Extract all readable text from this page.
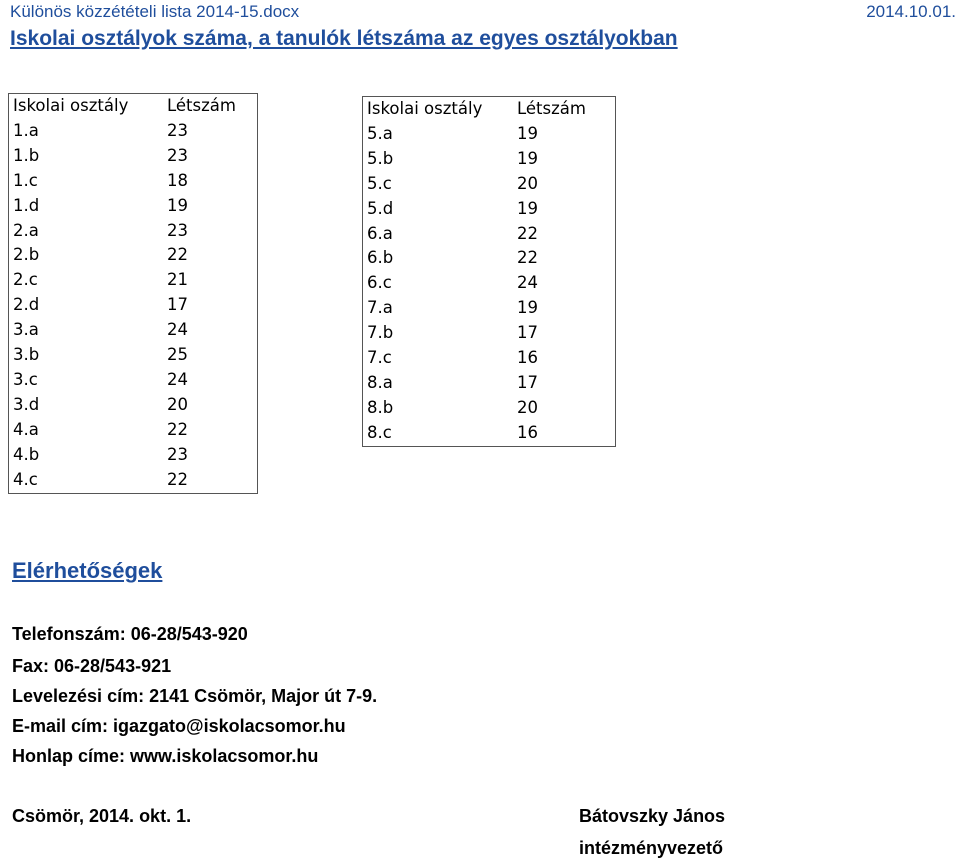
Különös közzétételi lista 2014-15.docx	2014.10.01.
Iskolai osztályok száma, a tanulók létszáma az egyes osztályokban
Iskolai osztály	Létszám
1.a	23
1.b	23
1.c	18
1.d	19
2.a	23
2.b	22
2.c	21
2.d	17
3.a	24
3.b	25
3.c	24
3.d	20
4.a	22
4.b	23
4.c	22
Iskolai osztály	Létszám
5.a	19
5.b	19
5.c	20
5.d	19
6.a	22
6.b	22
6.c	24
7.a	19
7.b	17
7.c	16
8.a	17
8.b	20
8.c	16
Elérhetőségek
Telefonszám: 06-28/543-920
Fax: 06-28/543-921
Levelezési cím: 2141 Csömör, Major út 7-9.
E-mail cím: igazgato@iskolacsomor.hu
Honlap címe: www.iskolacsomor.hu
Csömör, 2014. okt. 1.	Bátovszky János
intézményvezető
